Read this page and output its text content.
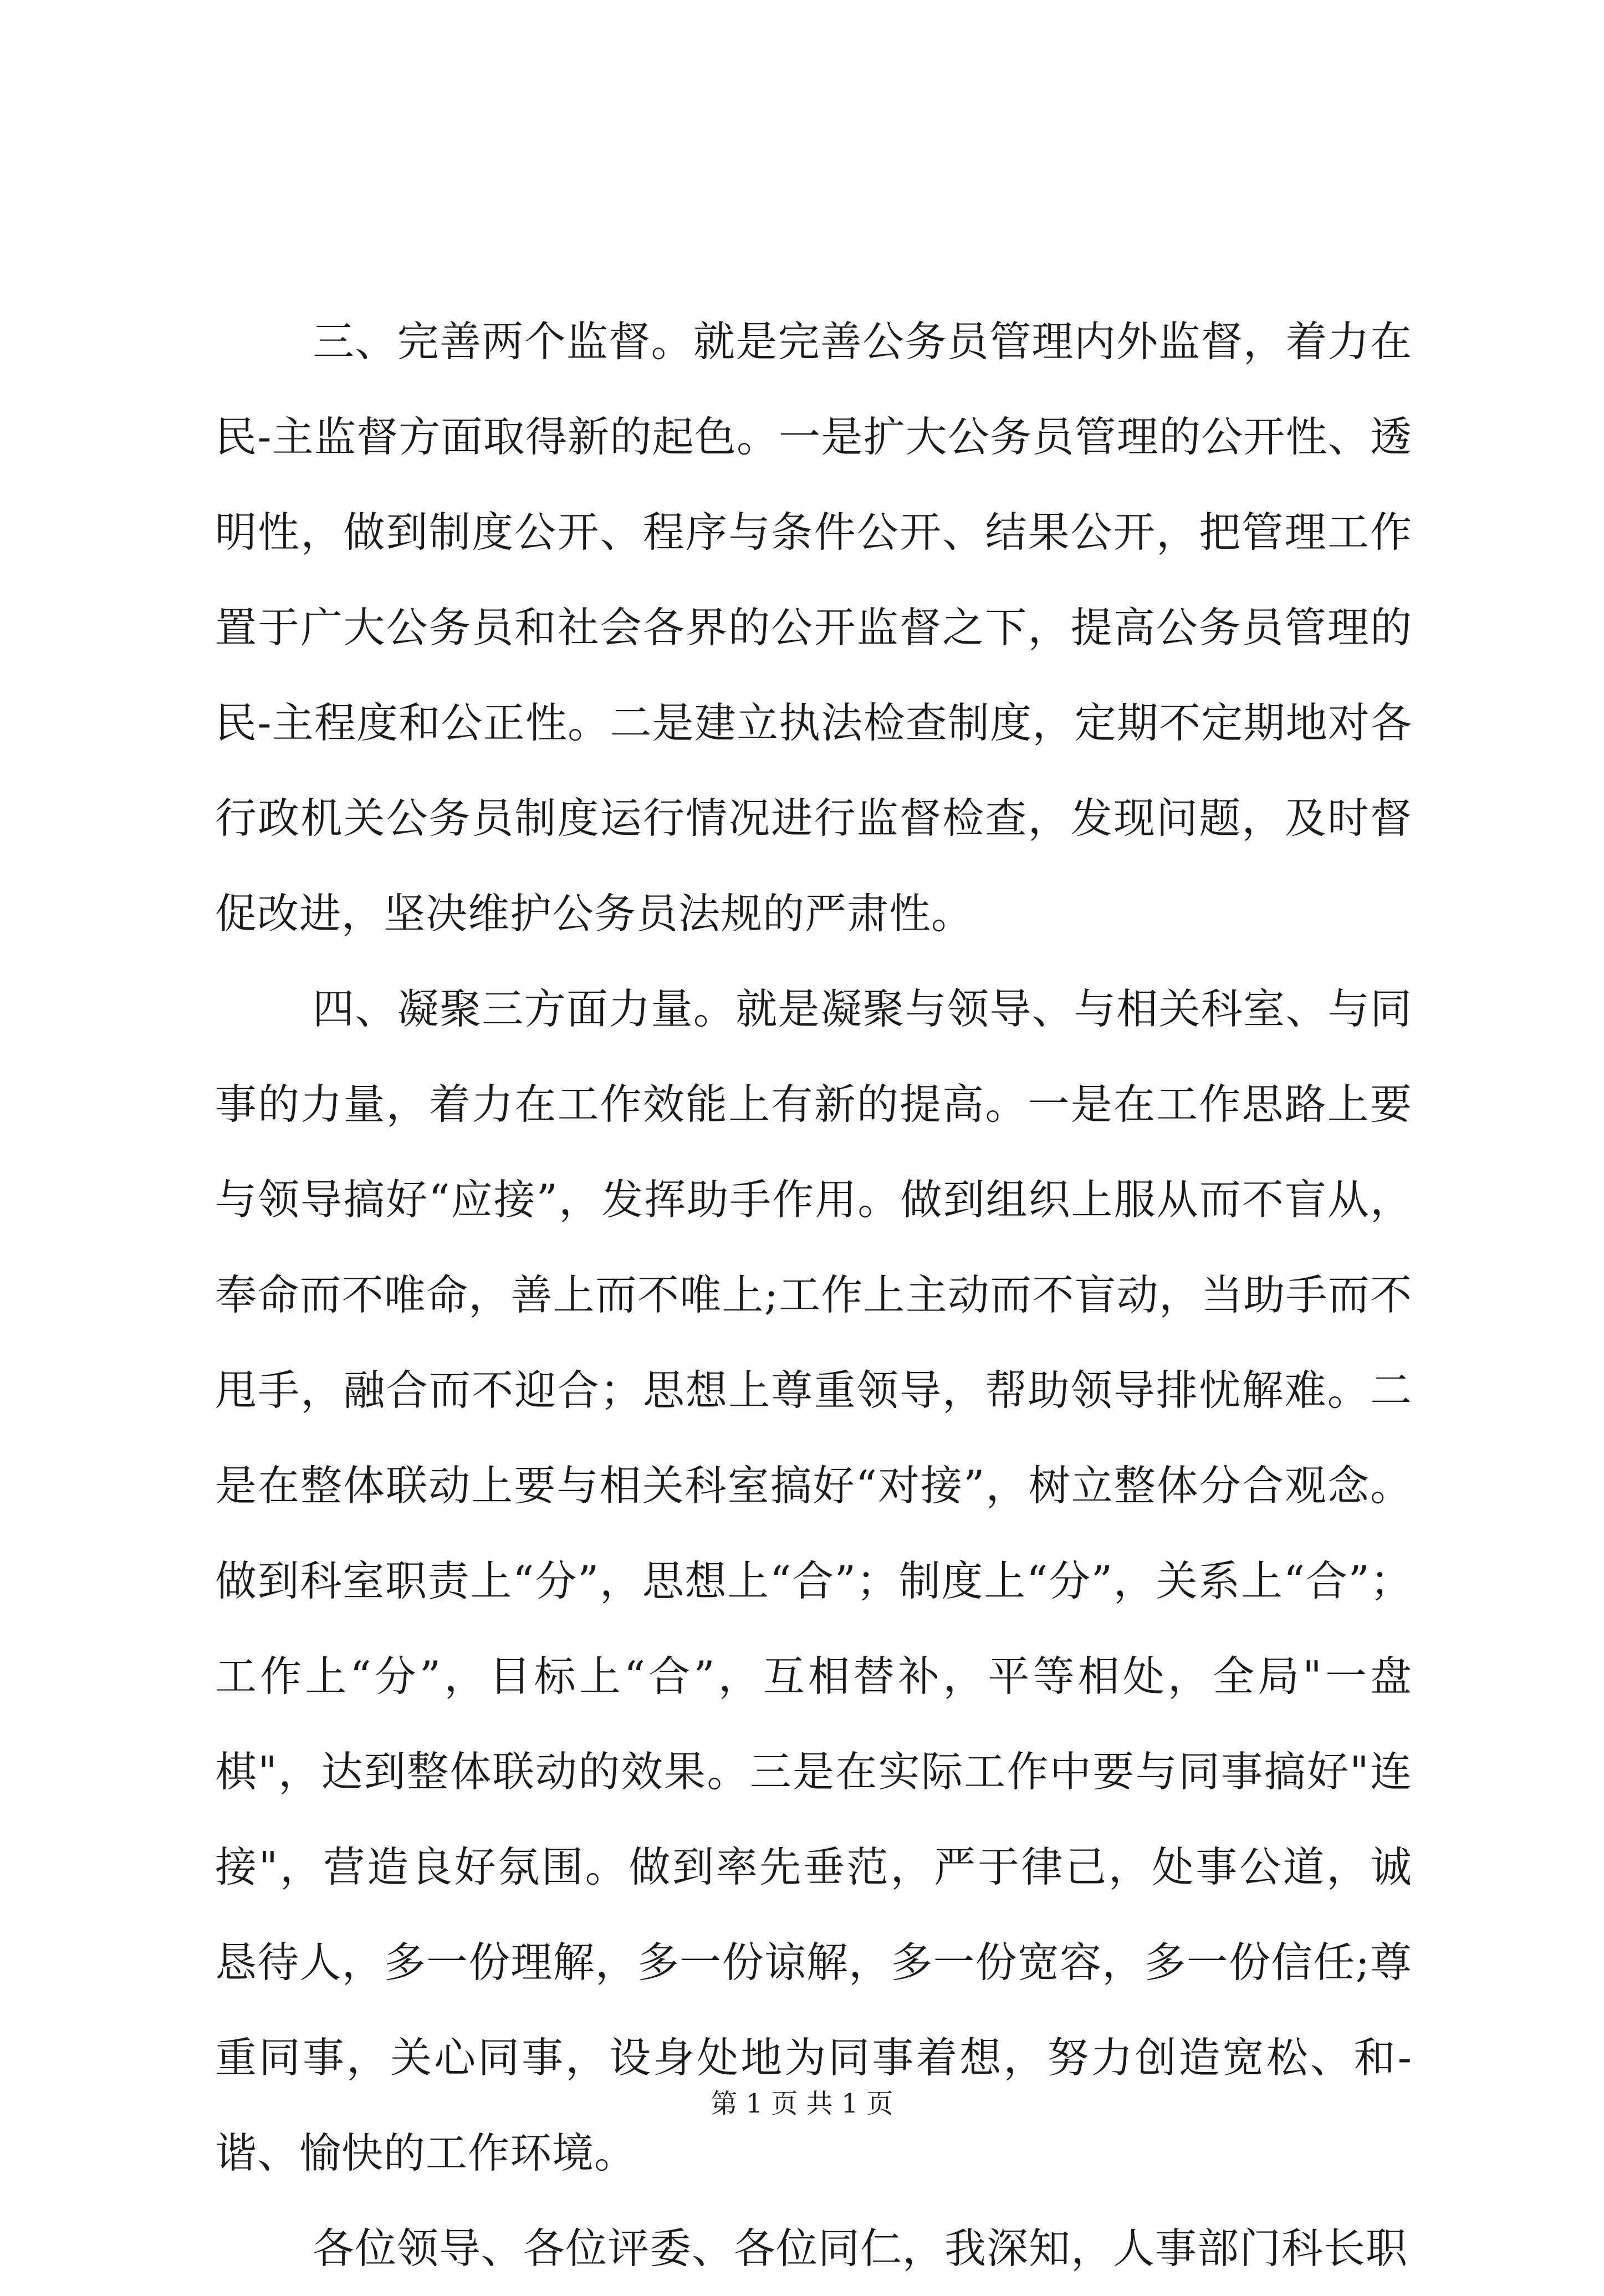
三、完善两个监督。就是完善公务员管理内外监督，着力在民-主监督方面取得新的起色。一是扩大公务员管理的公开性、透明性，做到制度公开、程序与条件公开、结果公开，把管理工作置于广大公务员和社会各界的公开监督之下，提高公务员管理的民-主程度和公正性。二是建立执法检查制度，定期不定期地对各行政机关公务员制度运行情况进行监督检查，发现问题，及时督促改进，坚决维护公务员法规的严肃性。

四、凝聚三方面力量。就是凝聚与领导、与相关科室、与同事的力量，着力在工作效能上有新的提高。一是在工作思路上要与领导搞好“应接”，发挥助手作用。做到组织上服从而不盲从，奉命而不唯命，善上而不唯上;工作上主动而不盲动，当助手而不甩手，融合而不迎合；思想上尊重领导，帮助领导排忧解难。二是在整体联动上要与相关科室搞好“对接”，树立整体分合观念。做到科室职责上“分”，思想上“合”；制度上“分”，关系上“合”；工作上“分”，目标上“合”，互相替补，平等相处，全局"一盘棋"，达到整体联动的效果。三是在实际工作中要与同事搞好"连接"，营造良好氛围。做到率先垂范，严于律己，处事公道，诚恳待人，多一份理解，多一份谅解，多一份宽容，多一份信任;尊重同事，关心同事，设身处地为同事着想，努力创造宽松、和-谐、愉快的工作环境。

各位领导、各位评委、各位同仁，我深知，人事部门科长职

第 1 页 共 1 页
